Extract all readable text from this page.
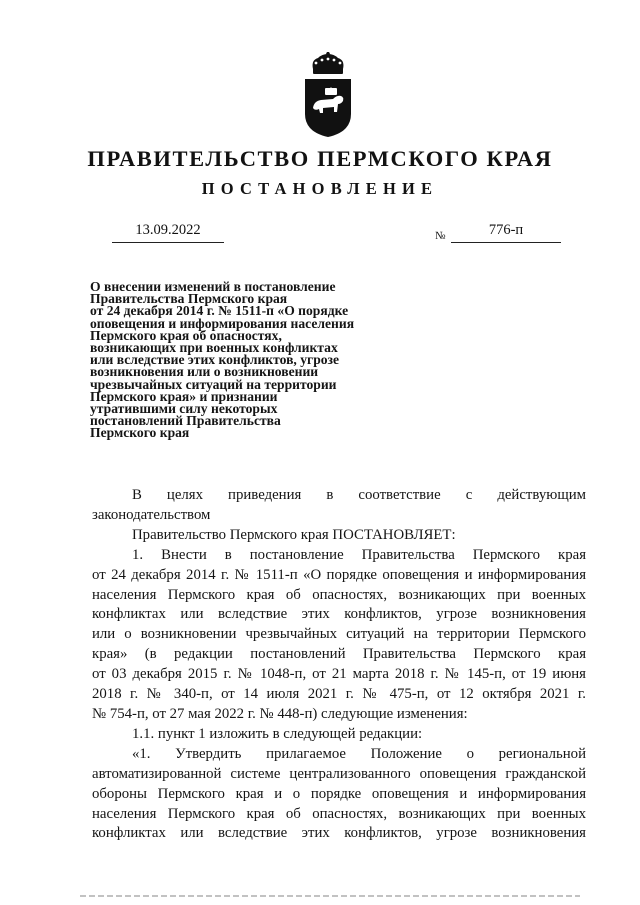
ПРАВИТЕЛЬСТВО ПЕРМСКОГО КРАЯ
ПОСТАНОВЛЕНИЕ
13.09.2022	№	776-п
О внесении изменений в постановление
Правительства Пермского края
от 24 декабря 2014 г. № 1511-п «О порядке
оповещения и информирования населения
Пермского края об опасностях,
возникающих при военных конфликтах
или вследствие этих конфликтов, угрозе
возникновения или о возникновении
чрезвычайных ситуаций на территории
Пермского края» и признании
утратившими силу некоторых
постановлений Правительства
Пермского края
В целях приведения в соответствие с действующим
законодательством
Правительство Пермского края ПОСТАНОВЛЯЕТ:
1. Внести в постановление Правительства Пермского края
от 24 декабря 2014 г. № 1511-п «О порядке оповещения и информирования
населения Пермского края об опасностях, возникающих при военных
конфликтах или вследствие этих конфликтов, угрозе возникновения
или о возникновении чрезвычайных ситуаций на территории Пермского
края» (в редакции постановлений Правительства Пермского края
от 03 декабря 2015 г. № 1048-п, от 21 марта 2018 г. № 145-п, от 19 июня
2018 г. № 340-п, от 14 июля 2021 г. № 475-п, от 12 октября 2021 г.
№ 754-п, от 27 мая 2022 г. № 448-п) следующие изменения:
1.1. пункт 1 изложить в следующей редакции:
«1. Утвердить прилагаемое Положение о региональной
автоматизированной системе централизованного оповещения гражданской
обороны Пермского края и о порядке оповещения и информирования
населения Пермского края об опасностях, возникающих при военных
конфликтах или вследствие этих конфликтов, угрозе возникновения
